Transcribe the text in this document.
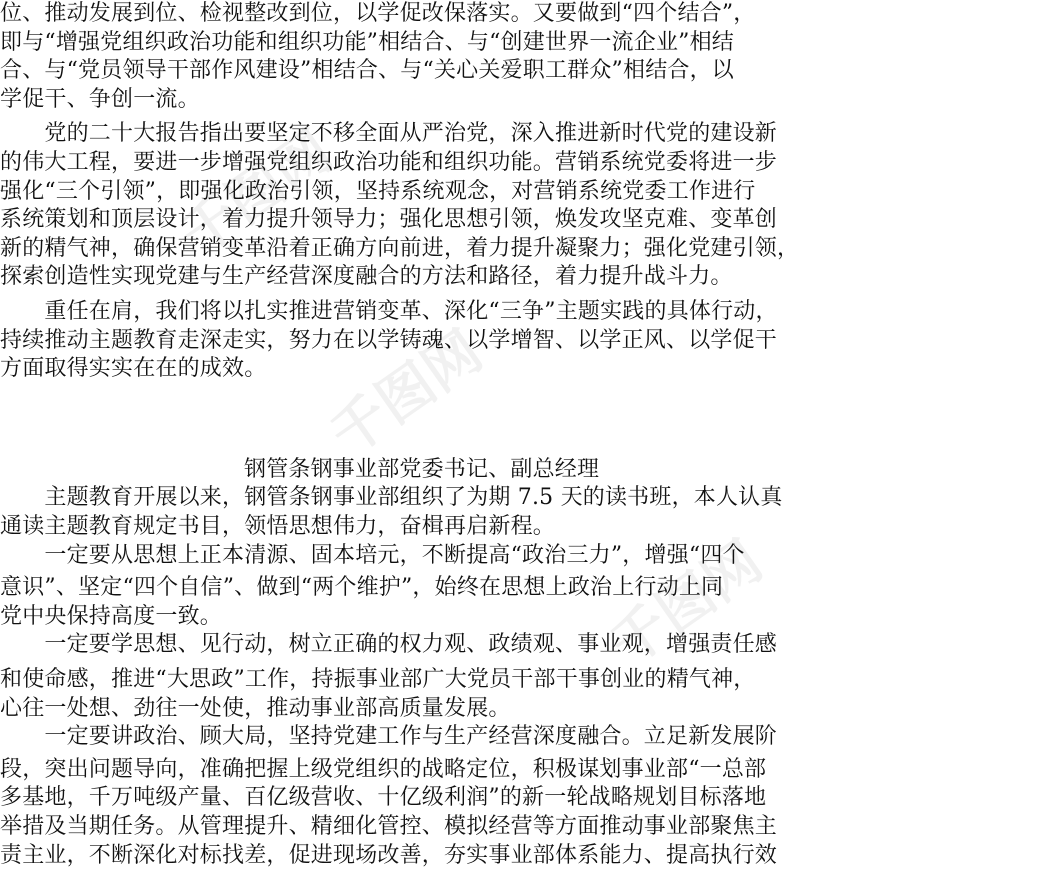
千图网
千图网
千图网
位、推动发展到位、检视整改到位，以学促改保落实。又要做到“四个结合”，
即与“增强党组织政治功能和组织功能”相结合、与“创建世界一流企业”相结
合、与“党员领导干部作风建设”相结合、与“关心关爱职工群众”相结合，以
学促干、争创一流。
　　党的二十大报告指出要坚定不移全面从严治党，深入推进新时代党的建设新
的伟大工程，要进一步增强党组织政治功能和组织功能。营销系统党委将进一步
强化“三个引领”，即强化政治引领，坚持系统观念，对营销系统党委工作进行
系统策划和顶层设计，着力提升领导力；强化思想引领，焕发攻坚克难、变革创
新的精气神，确保营销变革沿着正确方向前进，着力提升凝聚力；强化党建引领，
探索创造性实现党建与生产经营深度融合的方法和路径，着力提升战斗力。
　　重任在肩，我们将以扎实推进营销变革、深化“三争”主题实践的具体行动，
持续推动主题教育走深走实，努力在以学铸魂、以学增智、以学正风、以学促干
方面取得实实在在的成效。
钢管条钢事业部党委书记、副总经理
　　主题教育开展以来，钢管条钢事业部组织了为期 7.5 天的读书班，本人认真
通读主题教育规定书目，领悟思想伟力，奋楫再启新程。
　　一定要从思想上正本清源、固本培元，不断提高“政治三力”，增强“四个
意识”、坚定“四个自信”、做到“两个维护”，始终在思想上政治上行动上同
党中央保持高度一致。
　　一定要学思想、见行动，树立正确的权力观、政绩观、事业观，增强责任感
和使命感，推进“大思政”工作，持振事业部广大党员干部干事创业的精气神，
心往一处想、劲往一处使，推动事业部高质量发展。
　　一定要讲政治、顾大局，坚持党建工作与生产经营深度融合。立足新发展阶
段，突出问题导向，准确把握上级党组织的战略定位，积极谋划事业部“一总部
多基地，千万吨级产量、百亿级营收、十亿级利润”的新一轮战略规划目标落地
举措及当期任务。从管理提升、精细化管控、模拟经营等方面推动事业部聚焦主
责主业，不断深化对标找差，促进现场改善，夯实事业部体系能力、提高执行效
